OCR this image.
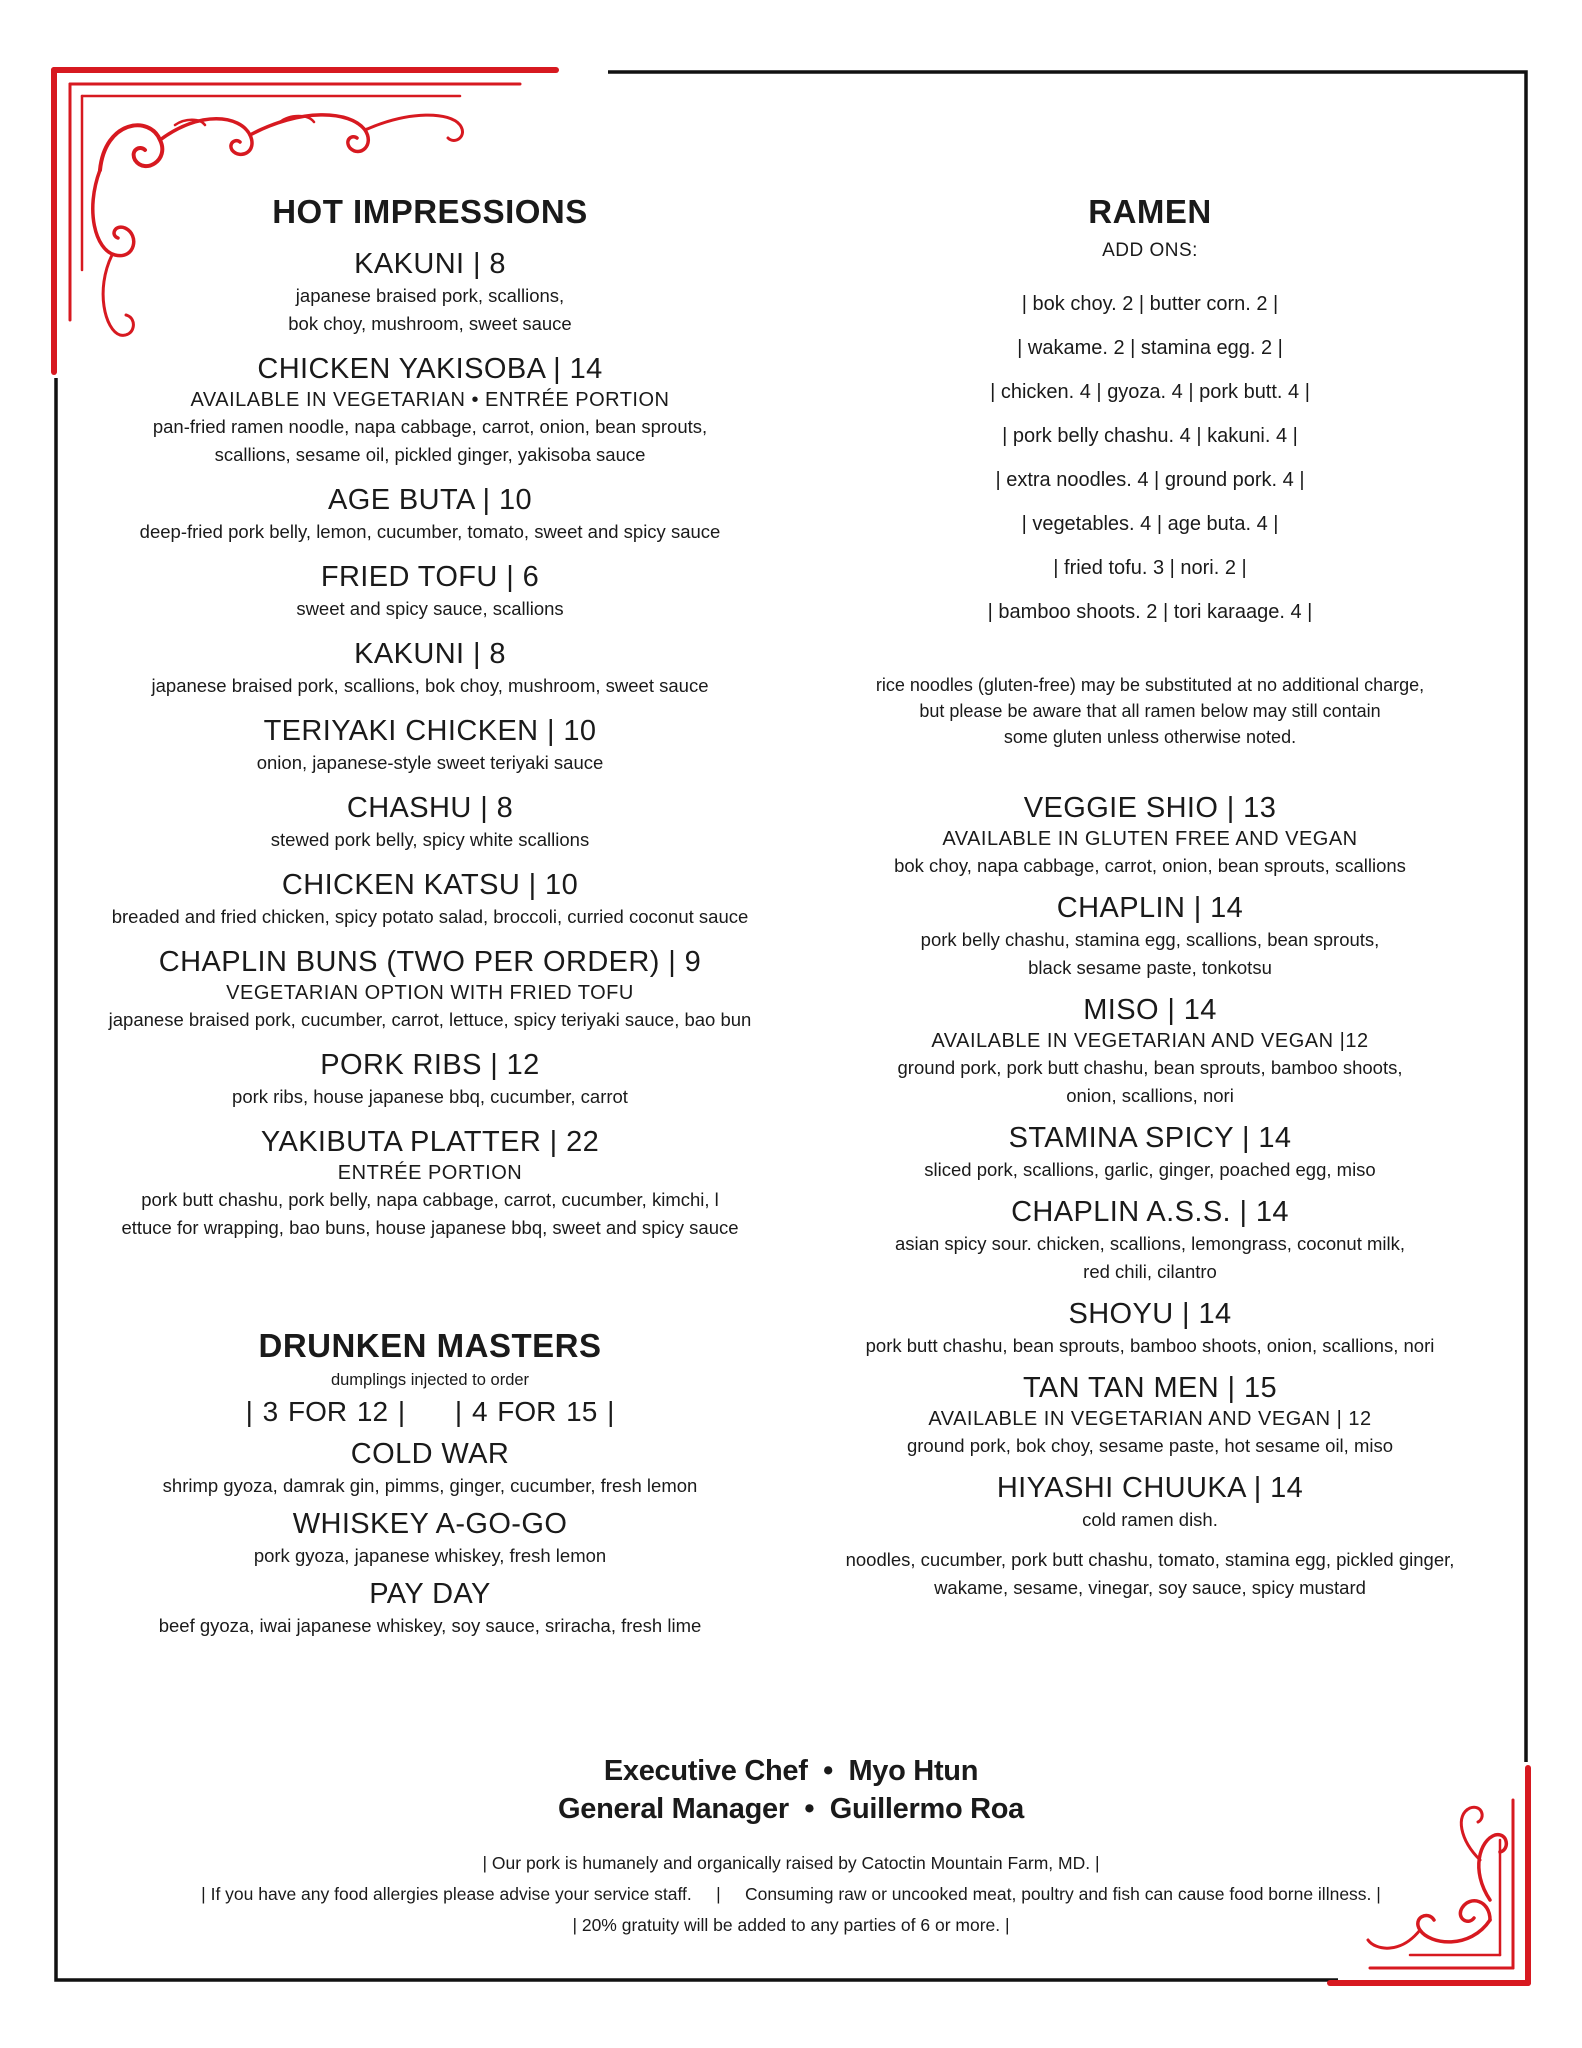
HOT IMPRESSIONS

KAKUNI | 8

japanese braised pork, scallions,

bok choy, mushroom, sweet sauce

CHICKEN YAKISOBA | 14

AVAILABLE IN VEGETARIAN • ENTRÉE PORTION

pan-fried ramen noodle, napa cabbage, carrot, onion, bean sprouts,

scallions, sesame oil, pickled ginger, yakisoba sauce

AGE BUTA | 10

deep-fried pork belly, lemon, cucumber, tomato, sweet and spicy sauce

FRIED TOFU | 6

sweet and spicy sauce, scallions

KAKUNI | 8

japanese braised pork, scallions, bok choy, mushroom, sweet sauce

TERIYAKI CHICKEN | 10

onion, japanese-style sweet teriyaki sauce

CHASHU | 8

stewed pork belly, spicy white scallions

CHICKEN KATSU | 10

breaded and fried chicken, spicy potato salad, broccoli, curried coconut sauce

CHAPLIN BUNS (TWO PER ORDER) | 9

VEGETARIAN OPTION WITH FRIED TOFU

japanese braised pork, cucumber, carrot, lettuce, spicy teriyaki sauce, bao bun

PORK RIBS | 12

pork ribs, house japanese bbq, cucumber, carrot

YAKIBUTA PLATTER | 22

ENTRÉE PORTION

pork butt chashu, pork belly, napa cabbage, carrot, cucumber, kimchi, l

ettuce for wrapping, bao buns, house japanese bbq, sweet and spicy sauce

DRUNKEN MASTERS

dumplings injected to order

| 3 FOR 12 | | 4 FOR 15 |

COLD WAR

shrimp gyoza, damrak gin, pimms, ginger, cucumber, fresh lemon

WHISKEY A-GO-GO

pork gyoza, japanese whiskey, fresh lemon

PAY DAY

beef gyoza, iwai japanese whiskey, soy sauce, sriracha, fresh lime

RAMEN

ADD ONS:

| bok choy. 2 | butter corn. 2 |

| wakame. 2 | stamina egg. 2 |

| chicken. 4 | gyoza. 4 | pork butt. 4 |

| pork belly chashu. 4 | kakuni. 4 |

| extra noodles. 4 | ground pork. 4 |

| vegetables. 4 | age buta. 4 |

| fried tofu. 3 | nori. 2 |

| bamboo shoots. 2 | tori karaage. 4 |

rice noodles (gluten-free) may be substituted at no additional charge,

but please be aware that all ramen below may still contain

some gluten unless otherwise noted.

VEGGIE SHIO | 13

AVAILABLE IN GLUTEN FREE AND VEGAN

bok choy, napa cabbage, carrot, onion, bean sprouts, scallions

CHAPLIN | 14

pork belly chashu, stamina egg, scallions, bean sprouts,

black sesame paste, tonkotsu

MISO | 14

AVAILABLE IN VEGETARIAN AND VEGAN |12

ground pork, pork butt chashu, bean sprouts, bamboo shoots,

onion, scallions, nori

STAMINA SPICY | 14

sliced pork, scallions, garlic, ginger, poached egg, miso

CHAPLIN A.S.S. | 14

asian spicy sour. chicken, scallions, lemongrass, coconut milk,

red chili, cilantro

SHOYU | 14

pork butt chashu, bean sprouts, bamboo shoots, onion, scallions, nori

TAN TAN MEN | 15

AVAILABLE IN VEGETARIAN AND VEGAN | 12

ground pork, bok choy, sesame paste, hot sesame oil, miso

HIYASHI CHUUKA | 14

cold ramen dish.

noodles, cucumber, pork butt chashu, tomato, stamina egg, pickled ginger,

wakame, sesame, vinegar, soy sauce, spicy mustard

Executive Chef  •  Myo Htun

General Manager  •  Guillermo Roa

| Our pork is humanely and organically raised by Catoctin Mountain Farm, MD. |

| If you have any food allergies please advise your service staff.     |     Consuming raw or uncooked meat, poultry and fish can cause food borne illness. |

| 20% gratuity will be added to any parties of 6 or more. |
